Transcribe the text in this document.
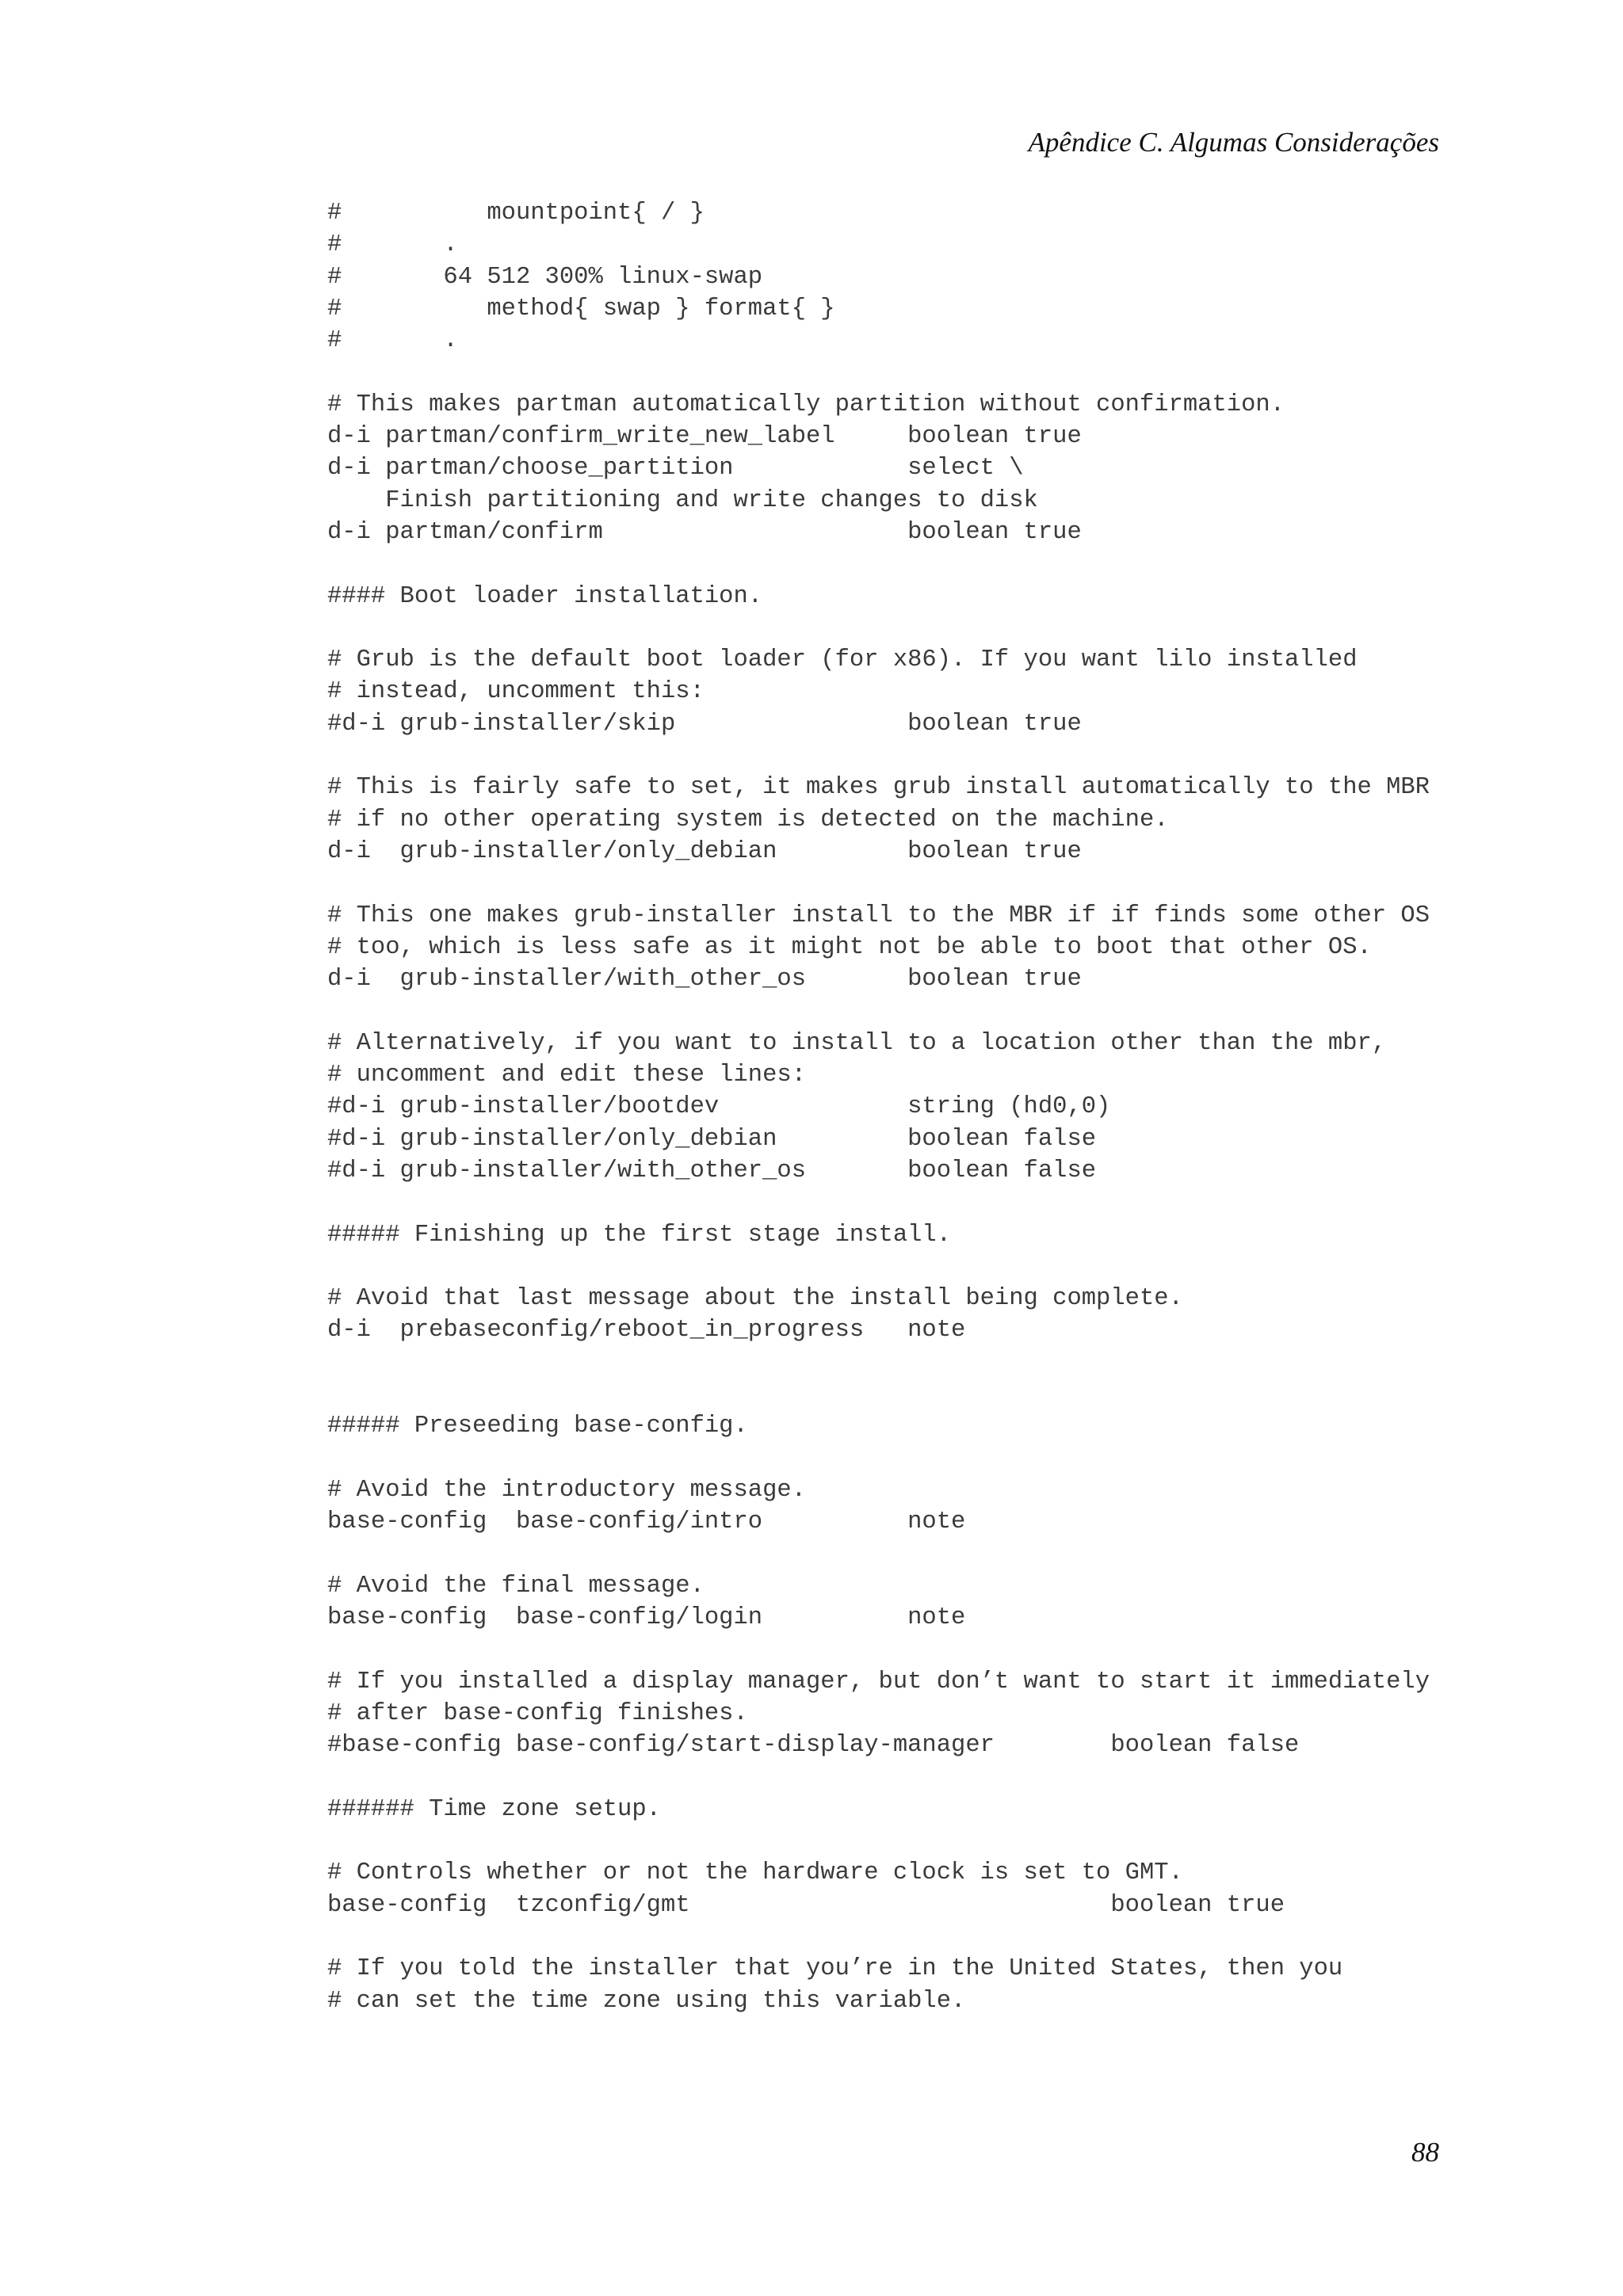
Apêndice C. Algumas Considerações
#          mountpoint{ / }
#       .
#       64 512 300% linux-swap
#          method{ swap } format{ }
#       .
# This makes partman automatically partition without confirmation.
d-i partman/confirm_write_new_label     boolean true
d-i partman/choose_partition            select \
Finish partitioning and write changes to disk
d-i partman/confirm                     boolean true
#### Boot loader installation.
# Grub is the default boot loader (for x86). If you want lilo installed
# instead, uncomment this:
#d-i grub-installer/skip                boolean true
# This is fairly safe to set, it makes grub install automatically to the MBR
# if no other operating system is detected on the machine.
d-i  grub-installer/only_debian         boolean true
# This one makes grub-installer install to the MBR if if finds some other OS
# too, which is less safe as it might not be able to boot that other OS.
d-i  grub-installer/with_other_os       boolean true
# Alternatively, if you want to install to a location other than the mbr,
# uncomment and edit these lines:
#d-i grub-installer/bootdev             string (hd0,0)
#d-i grub-installer/only_debian         boolean false
#d-i grub-installer/with_other_os       boolean false
##### Finishing up the first stage install.
# Avoid that last message about the install being complete.
d-i  prebaseconfig/reboot_in_progress   note
##### Preseeding base-config.
# Avoid the introductory message.
base-config  base-config/intro          note
# Avoid the final message.
base-config  base-config/login          note
# If you installed a display manager, but don’t want to start it immediately
# after base-config finishes.
#base-config base-config/start-display-manager        boolean false
###### Time zone setup.
# Controls whether or not the hardware clock is set to GMT.
base-config  tzconfig/gmt                             boolean true
# If you told the installer that you’re in the United States, then you
# can set the time zone using this variable.
88
